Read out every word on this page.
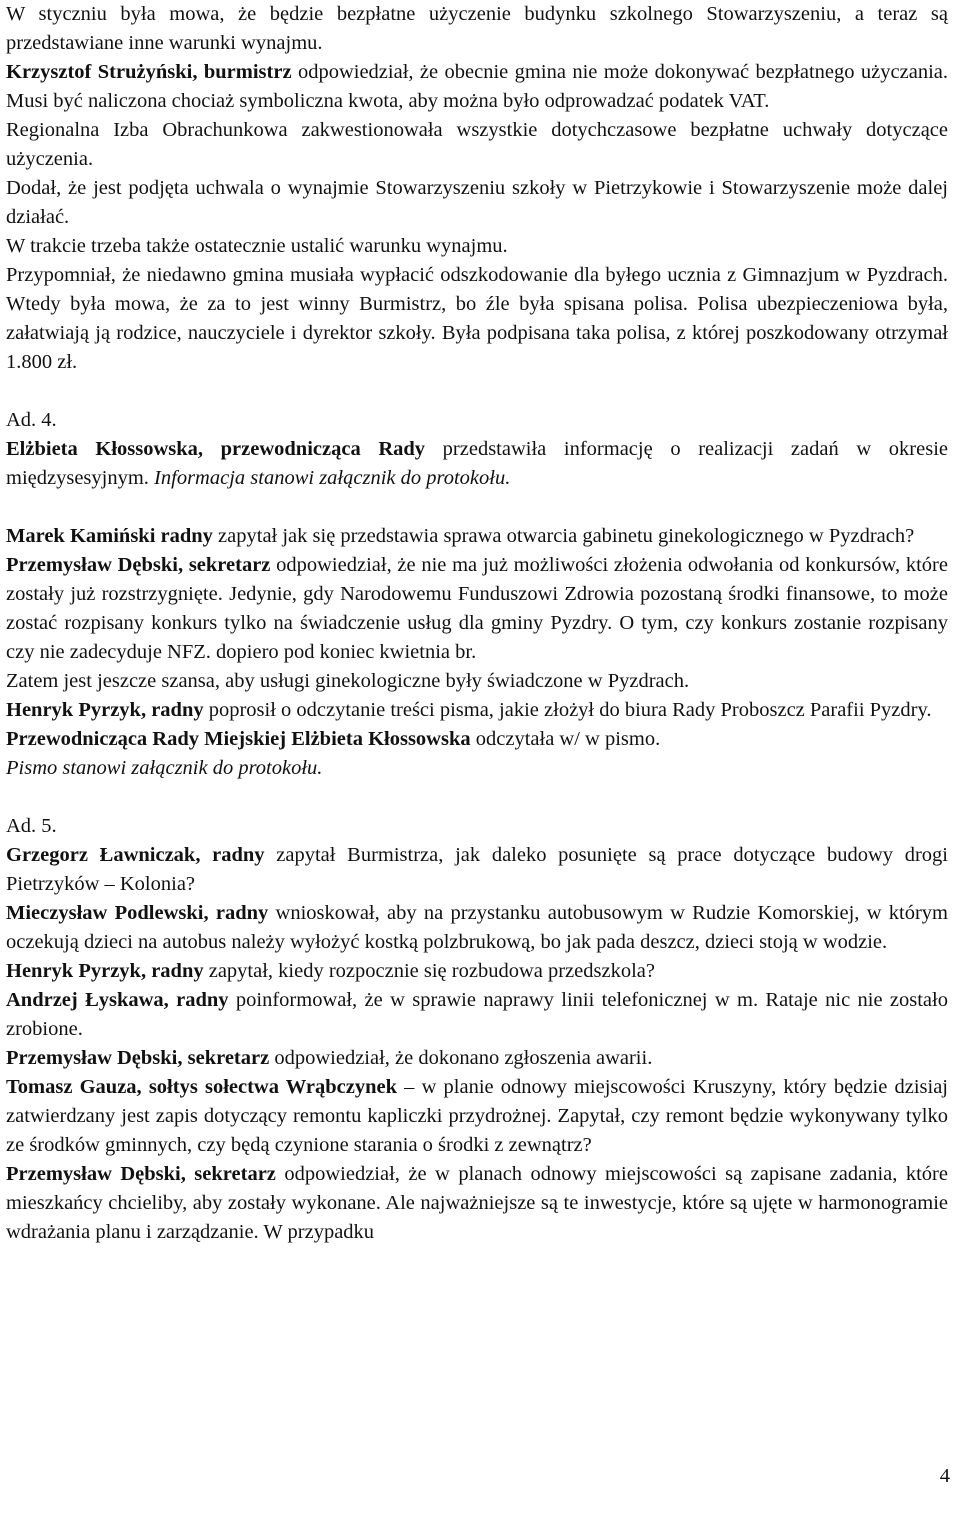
W styczniu była mowa, że będzie bezpłatne użyczenie budynku szkolnego Stowarzyszeniu, a teraz są przedstawiane inne warunki wynajmu.

Krzysztof Strużyński, burmistrz odpowiedział, że obecnie gmina nie może dokonywać bezpłatnego użyczania. Musi być naliczona chociaż symboliczna kwota, aby można było odprowadzać podatek VAT.

Regionalna Izba Obrachunkowa zakwestionowała wszystkie dotychczasowe bezpłatne uchwały dotyczące użyczenia.

Dodał, że jest podjęta uchwala o wynajmie Stowarzyszeniu szkoły w Pietrzykowie i Stowarzyszenie może dalej działać.

W trakcie trzeba także ostatecznie ustalić warunku wynajmu.

Przypomniał, że niedawno gmina musiała wypłacić odszkodowanie dla byłego ucznia z Gimnazjum w Pyzdrach. Wtedy była mowa, że za to jest winny Burmistrz, bo źle była spisana polisa. Polisa ubezpieczeniowa była, załatwiają ją rodzice, nauczyciele i dyrektor szkoły. Była podpisana taka polisa, z której poszkodowany otrzymał 1.800 zł.

Ad. 4.

Elżbieta Kłossowska, przewodnicząca Rady przedstawiła informację o realizacji zadań w okresie międzysesyjnym. Informacja stanowi załącznik do protokołu.

Marek Kamiński radny zapytał jak się przedstawia sprawa otwarcia gabinetu ginekologicznego w Pyzdrach?

Przemysław Dębski, sekretarz odpowiedział, że nie ma już możliwości złożenia odwołania od konkursów, które zostały już rozstrzygnięte. Jedynie, gdy Narodowemu Funduszowi Zdrowia pozostaną środki finansowe, to może zostać rozpisany konkurs tylko na świadczenie usług dla gminy Pyzdry. O tym, czy konkurs zostanie rozpisany czy nie zadecyduje NFZ. dopiero pod koniec kwietnia br.

Zatem jest jeszcze szansa, aby usługi ginekologiczne były świadczone w Pyzdrach.

Henryk Pyrzyk, radny poprosił o odczytanie treści pisma, jakie złożył do biura Rady Proboszcz Parafii Pyzdry.

Przewodnicząca Rady Miejskiej Elżbieta Kłossowska odczytała w/ w pismo.

Pismo stanowi załącznik do protokołu.

Ad. 5.

Grzegorz Ławniczak, radny zapytał Burmistrza, jak daleko posunięte są prace dotyczące budowy drogi Pietrzyków – Kolonia?

Mieczysław Podlewski, radny wnioskował, aby na przystanku autobusowym w Rudzie Komorskiej, w którym oczekują dzieci na autobus należy wyłożyć kostką polzbrukową, bo jak pada deszcz, dzieci stoją w wodzie.

Henryk Pyrzyk, radny zapytał, kiedy rozpocznie się rozbudowa przedszkola?

Andrzej Łyskawa, radny poinformował, że w sprawie naprawy linii telefonicznej w m. Rataje nic nie zostało zrobione.

Przemysław Dębski, sekretarz odpowiedział, że dokonano zgłoszenia awarii.

Tomasz Gauza, sołtys sołectwa Wrąbczynek – w planie odnowy miejscowości Kruszyny, który będzie dzisiaj zatwierdzany jest zapis dotyczący remontu kapliczki przydrożnej. Zapytał, czy remont będzie wykonywany tylko ze środków gminnych, czy będą czynione starania o środki z zewnątrz?

Przemysław Dębski, sekretarz odpowiedział, że w planach odnowy miejscowości są zapisane zadania, które mieszkańcy chcieliby, aby zostały wykonane. Ale najważniejsze są te inwestycje, które są ujęte w harmonogramie wdrażania planu i zarządzanie. W przypadku

4
